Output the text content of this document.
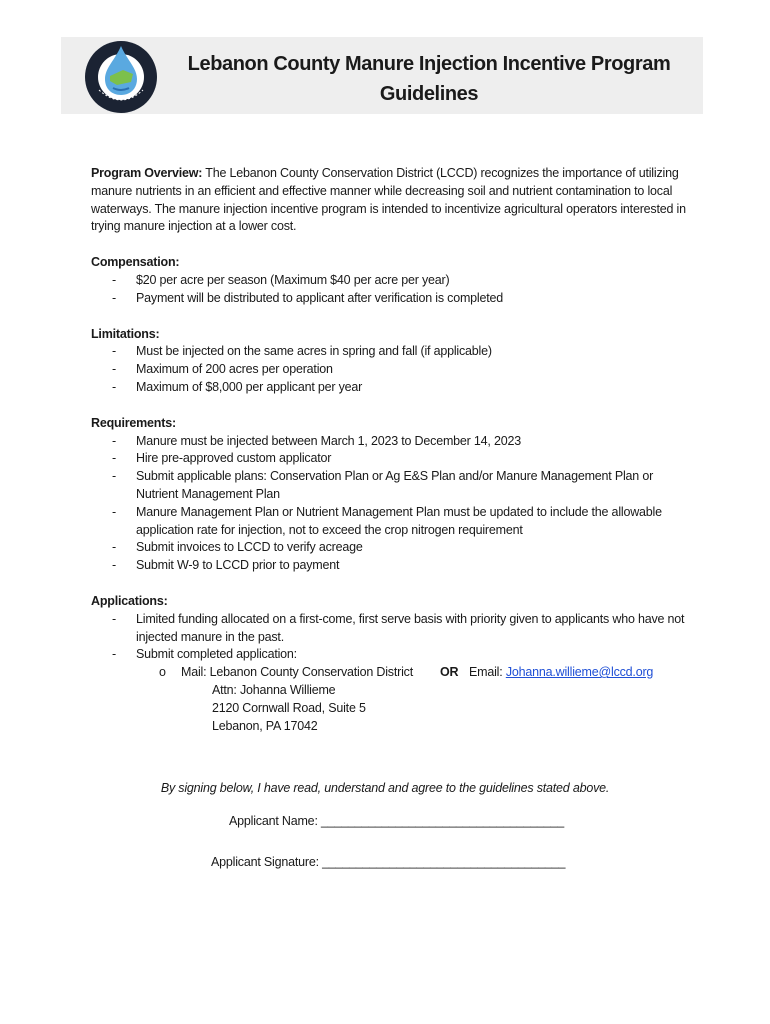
Lebanon County Manure Injection Incentive Program
Guidelines

Program Overview: The Lebanon County Conservation District (LCCD) recognizes the importance of utilizing manure nutrients in an efficient and effective manner while decreasing soil and nutrient contamination to local waterways. The manure injection incentive program is intended to incentivize agricultural operators interested in trying manure injection at a lower cost.

Compensation:
- $20 per acre per season (Maximum $40 per acre per year)
- Payment will be distributed to applicant after verification is completed
Limitations:
- Must be injected on the same acres in spring and fall (if applicable)
- Maximum of 200 acres per operation
- Maximum of $8,000 per applicant per year
Requirements:
- Manure must be injected between March 1, 2023 to December 14, 2023
- Hire pre-approved custom applicator
- Submit applicable plans: Conservation Plan or Ag E&S Plan and/or Manure Management Plan or Nutrient Management Plan
- Manure Management Plan or Nutrient Management Plan must be updated to include the allowable application rate for injection, not to exceed the crop nitrogen requirement
- Submit invoices to LCCD to verify acreage
- Submit W-9 to LCCD prior to payment
Applications:
- Limited funding allocated on a first-come, first serve basis with priority given to applicants who have not injected manure in the past.
- Submit completed application:
o Mail: Lebanon County Conservation District OR Email: Johanna.willieme@lccd.org
Attn: Johanna Willieme
2120 Cornwall Road, Suite 5
Lebanon, PA 17042
By signing below, I have read, understand and agree to the guidelines stated above.
Applicant Name: ____________________________________
Applicant Signature: ____________________________________
